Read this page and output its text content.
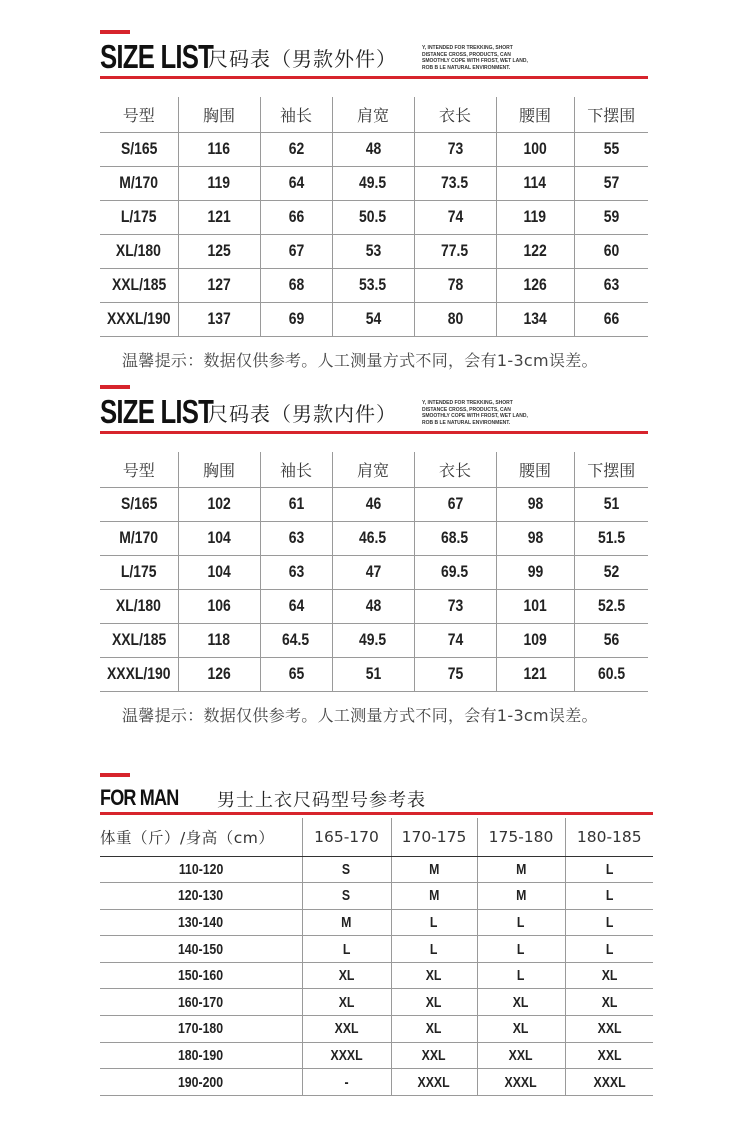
SIZE LIST
尺码表（男款外件）	Y, INTENDED FOR TREKKING, SHORT DISTANCE CROSS, PRODUCTS, CAN SMOOTHLY COPE WITH FROST, WET LAND, ROB B LE NATURAL ENVIRONMENT.
号型	胸围	袖长	肩宽	衣长	腰围	下摆围
S/165	116	62	48	73	100	55
M/170	119	64	49.5	73.5	114	57
L/175	121	66	50.5	74	119	59
XL/180	125	67	53	77.5	122	60
XXL/185	127	68	53.5	78	126	63
XXXL/190	137	69	54	80	134	66
温馨提示：数据仅供参考。人工测量方式不同，会有1-3cm误差。
SIZE LIST
尺码表（男款内件）	Y, INTENDED FOR TREKKING, SHORT DISTANCE CROSS, PRODUCTS, CAN SMOOTHLY COPE WITH FROST, WET LAND, ROB B LE NATURAL ENVIRONMENT.
号型	胸围	袖长	肩宽	衣长	腰围	下摆围
S/165	102	61	46	67	98	51
M/170	104	63	46.5	68.5	98	51.5
L/175	104	63	47	69.5	99	52
XL/180	106	64	48	73	101	52.5
XXL/185	118	64.5	49.5	74	109	56
XXXL/190	126	65	51	75	121	60.5
温馨提示：数据仅供参考。人工测量方式不同，会有1-3cm误差。
FOR MAN 男士上衣尺码型号参考表
体重（斤）/身高（cm）	165-170	170-175	175-180	180-185
110-120	S	M	M	L
120-130	S	M	M	L
130-140	M	L	L	L
140-150	L	L	L	L
150-160	XL	XL	L	XL
160-170	XL	XL	XL	XL
170-180	XXL	XL	XL	XXL
180-190	XXXL	XXL	XXL	XXL
190-200	-	XXXL	XXXL	XXXL
